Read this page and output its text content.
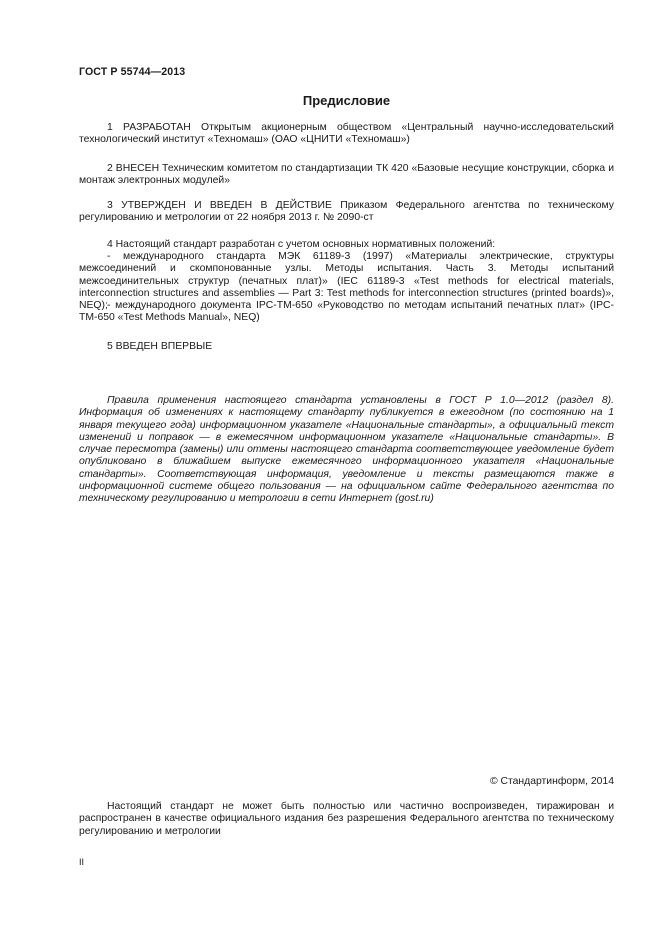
ГОСТ Р 55744—2013
Предисловие
1 РАЗРАБОТАН Открытым акционерным обществом «Центральный научно-исследовательский технологический институт «Техномаш» (ОАО «ЦНИТИ «Техномаш»)
2 ВНЕСЕН Техническим комитетом по стандартизации ТК 420 «Базовые несущие конструкции, сборка и монтаж электронных модулей»
3 УТВЕРЖДЕН И ВВЕДЕН В ДЕЙСТВИЕ Приказом Федерального агентства по техническому регулированию и метрологии от 22 ноября 2013 г. № 2090-ст
4 Настоящий стандарт разработан с учетом основных нормативных положений:
- международного стандарта МЭК 61189-3 (1997) «Материалы электрические, структуры межсоединений и скомпонованные узлы. Методы испытания. Часть 3. Методы испытаний межсоединительных структур (печатных плат)» (IEC 61189-3 «Test methods for electrical materials, interconnection structures and assemblies — Part 3: Test methods for interconnection structures (printed boards)», NEQ); - международного документа IPC-TM-650 «Руководство по методам испытаний печатных плат» (IPC-TM-650 «Test Methods Manual», NEQ)
5 ВВЕДЕН ВПЕРВЫЕ
Правила применения настоящего стандарта установлены в ГОСТ Р 1.0—2012 (раздел 8). Информация об изменениях к настоящему стандарту публикуется в ежегодном (по состоянию на 1 января текущего года) информационном указателе «Национальные стандарты», а официальный текст изменений и поправок — в ежемесячном информационном указателе «Национальные стандарты». В случае пересмотра (замены) или отмены настоящего стандарта соответствующее уведомление будет опубликовано в ближайшем выпуске ежемесячного информационного указателя «Национальные стандарты». Соответствующая информация, уведомление и тексты размещаются также в информационной системе общего пользования — на официальном сайте Федерального агентства по техническому регулированию и метрологии в сети Интернет (gost.ru)
© Стандартинформ, 2014
Настоящий стандарт не может быть полностью или частично воспроизведен, тиражирован и распространен в качестве официального издания без разрешения Федерального агентства по техническому регулированию и метрологии
II
